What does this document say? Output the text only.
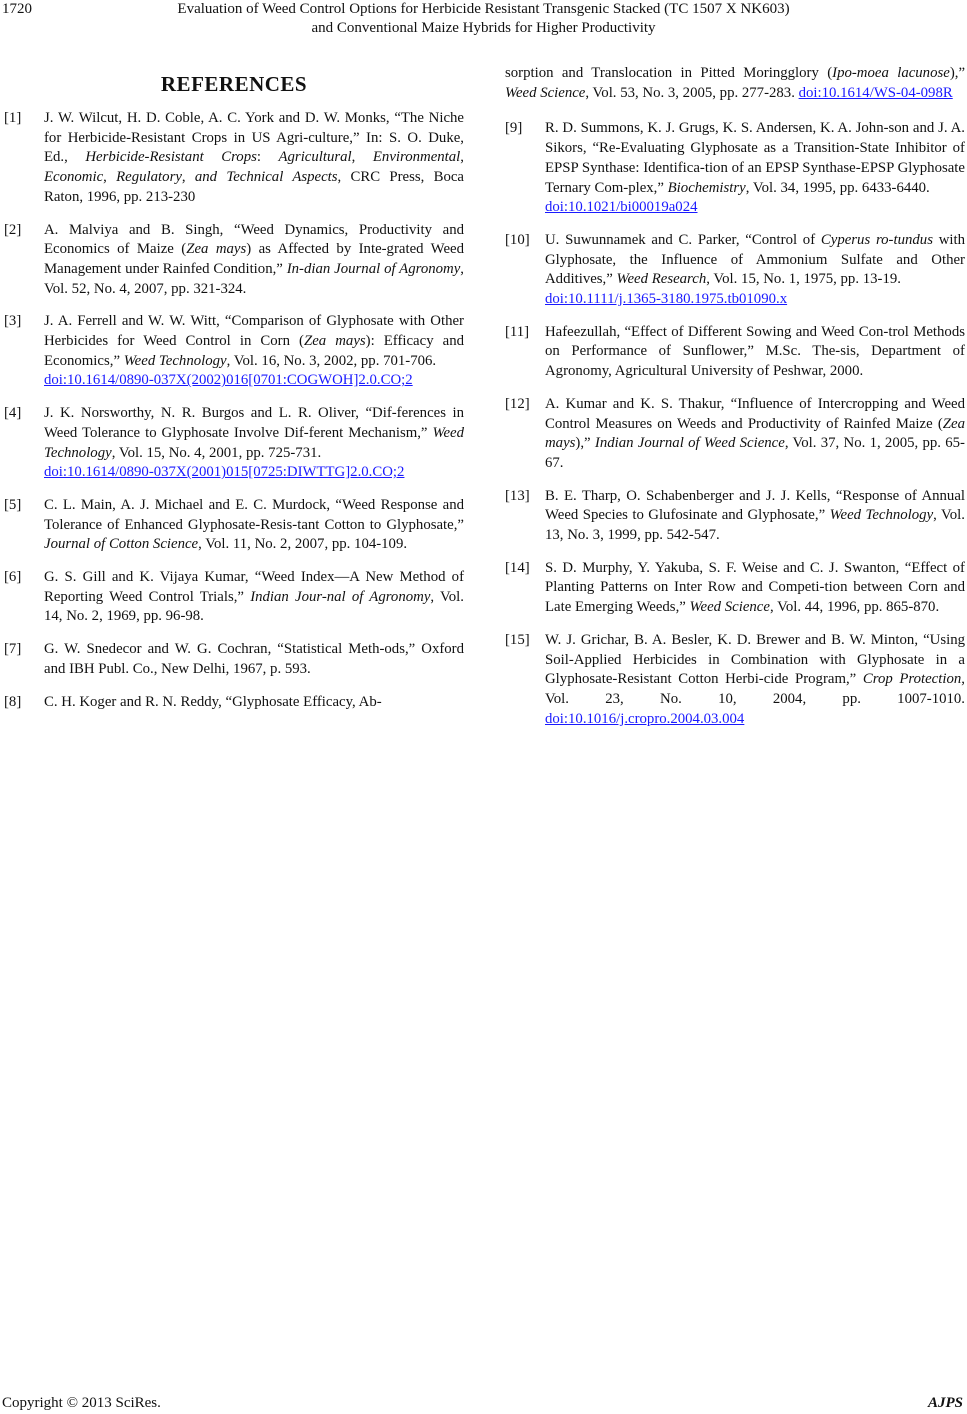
1720	Evaluation of Weed Control Options for Herbicide Resistant Transgenic Stacked (TC 1507 X NK603)
and Conventional Maize Hybrids for Higher Productivity
REFERENCES
[1] J. W. Wilcut, H. D. Coble, A. C. York and D. W. Monks, “The Niche for Herbicide-Resistant Crops in US Agri-culture,” In: S. O. Duke, Ed., Herbicide-Resistant Crops: Agricultural, Environmental, Economic, Regulatory, and Technical Aspects, CRC Press, Boca Raton, 1996, pp. 213-230
[2] A. Malviya and B. Singh, “Weed Dynamics, Productivity and Economics of Maize (Zea mays) as Affected by Inte-grated Weed Management under Rainfed Condition,” In-dian Journal of Agronomy, Vol. 52, No. 4, 2007, pp. 321-324.
[3] J. A. Ferrell and W. W. Witt, “Comparison of Glyphosate with Other Herbicides for Weed Control in Corn (Zea mays): Efficacy and Economics,” Weed Technology, Vol. 16, No. 3, 2002, pp. 701-706.
doi:10.1614/0890-037X(2002)016[0701:COGWOH]2.0.CO;2
[4] J. K. Norsworthy, N. R. Burgos and L. R. Oliver, “Dif-ferences in Weed Tolerance to Glyphosate Involve Dif-ferent Mechanism,” Weed Technology, Vol. 15, No. 4, 2001, pp. 725-731.
doi:10.1614/0890-037X(2001)015[0725:DIWTTG]2.0.CO;2
[5] C. L. Main, A. J. Michael and E. C. Murdock, “Weed Response and Tolerance of Enhanced Glyphosate-Resis-tant Cotton to Glyphosate,” Journal of Cotton Science, Vol. 11, No. 2, 2007, pp. 104-109.
[6] G. S. Gill and K. Vijaya Kumar, “Weed Index—A New Method of Reporting Weed Control Trials,” Indian Jour-nal of Agronomy, Vol. 14, No. 2, 1969, pp. 96-98.
[7] G. W. Snedecor and W. G. Cochran, “Statistical Meth-ods,” Oxford and IBH Publ. Co., New Delhi, 1967, p. 593.
[8] C. H. Koger and R. N. Reddy, “Glyphosate Efficacy, Ab-
sorption and Translocation in Pitted Moringglory (Ipo-moea lacunose),” Weed Science, Vol. 53, No. 3, 2005, pp. 277-283. doi:10.1614/WS-04-098R
[9] R. D. Summons, K. J. Grugs, K. S. Andersen, K. A. John-son and J. A. Sikors, “Re-Evaluating Glyphosate as a Transition-State Inhibitor of EPSP Synthase: Identifica-tion of an EPSP Synthase-EPSP Glyphosate Ternary Com-plex,” Biochemistry, Vol. 34, 1995, pp. 6433-6440.
doi:10.1021/bi00019a024
[10] U. Suwunnamek and C. Parker, “Control of Cyperus ro-tundus with Glyphosate, the Influence of Ammonium Sulfate and Other Additives,” Weed Research, Vol. 15, No. 1, 1975, pp. 13-19.
doi:10.1111/j.1365-3180.1975.tb01090.x
[11] Hafeezullah, “Effect of Different Sowing and Weed Con-trol Methods on Performance of Sunflower,” M.Sc. The-sis, Department of Agronomy, Agricultural University of Peshwar, 2000.
[12] A. Kumar and K. S. Thakur, “Influence of Intercropping and Weed Control Measures on Weeds and Productivity of Rainfed Maize (Zea mays),” Indian Journal of Weed Science, Vol. 37, No. 1, 2005, pp. 65-67.
[13] B. E. Tharp, O. Schabenberger and J. J. Kells, “Response of Annual Weed Species to Glufosinate and Glyphosate,” Weed Technology, Vol. 13, No. 3, 1999, pp. 542-547.
[14] S. D. Murphy, Y. Yakuba, S. F. Weise and C. J. Swanton, “Effect of Planting Patterns on Inter Row and Competi-tion between Corn and Late Emerging Weeds,” Weed Science, Vol. 44, 1996, pp. 865-870.
[15] W. J. Grichar, B. A. Besler, K. D. Brewer and B. W. Minton, “Using Soil-Applied Herbicides in Combination with Glyphosate in a Glyphosate-Resistant Cotton Herbi-cide Program,” Crop Protection, Vol. 23, No. 10, 2004, pp. 1007-1010. doi:10.1016/j.cropro.2004.03.004
Copyright © 2013 SciRes.	AJPS
